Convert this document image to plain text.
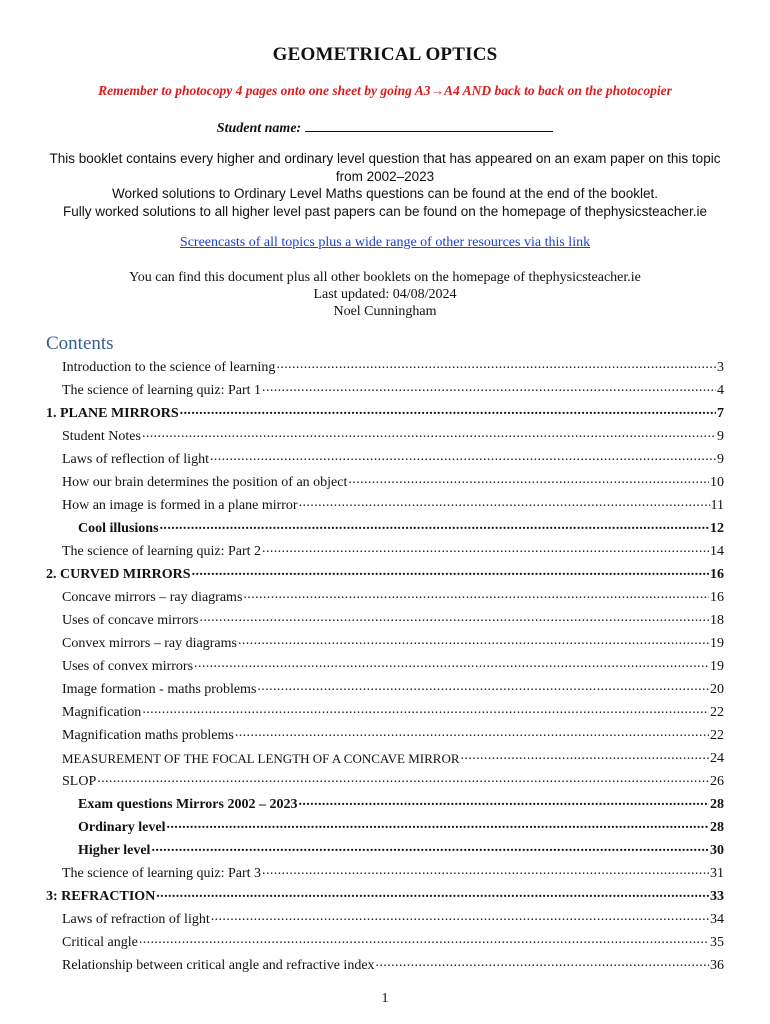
GEOMETRICAL OPTICS
Remember to photocopy 4 pages onto one sheet by going A3→A4 AND back to back on the photocopier
Student name:
This booklet contains every higher and ordinary level question that has appeared on an exam paper on this topic from 2002–2023
Worked solutions to Ordinary Level Maths questions can be found at the end of the booklet.
Fully worked solutions to all higher level past papers can be found on the homepage of thephysicsteacher.ie
Screencasts of all topics plus a wide range of other resources via this link
You can find this document plus all other booklets on the homepage of thephysicsteacher.ie
Last updated: 04/08/2024
Noel Cunningham
Contents
Introduction to the science of learning .....	3
The science of learning quiz: Part 1 .....	4
1. PLANE MIRRORS .....	7
Student Notes .....	9
Laws of reflection of light .....	9
How our brain determines the position of an object .....	10
How an image is formed in a plane mirror .....	11
Cool illusions .....	12
The science of learning quiz: Part 2 .....	14
2. CURVED MIRRORS .....	16
Concave mirrors – ray diagrams .....	16
Uses of concave mirrors .....	18
Convex mirrors – ray diagrams .....	19
Uses of convex mirrors .....	19
Image formation - maths problems .....	20
Magnification .....	22
Magnification maths problems .....	22
MEASUREMENT OF THE FOCAL LENGTH OF A CONCAVE MIRROR .....	24
SLOP .....	26
Exam questions Mirrors 2002 – 2023 .....	28
Ordinary level .....	28
Higher level .....	30
The science of learning quiz: Part 3 .....	31
3: REFRACTION .....	33
Laws of refraction of light .....	34
Critical angle .....	35
Relationship between critical angle and refractive index .....	36
1
